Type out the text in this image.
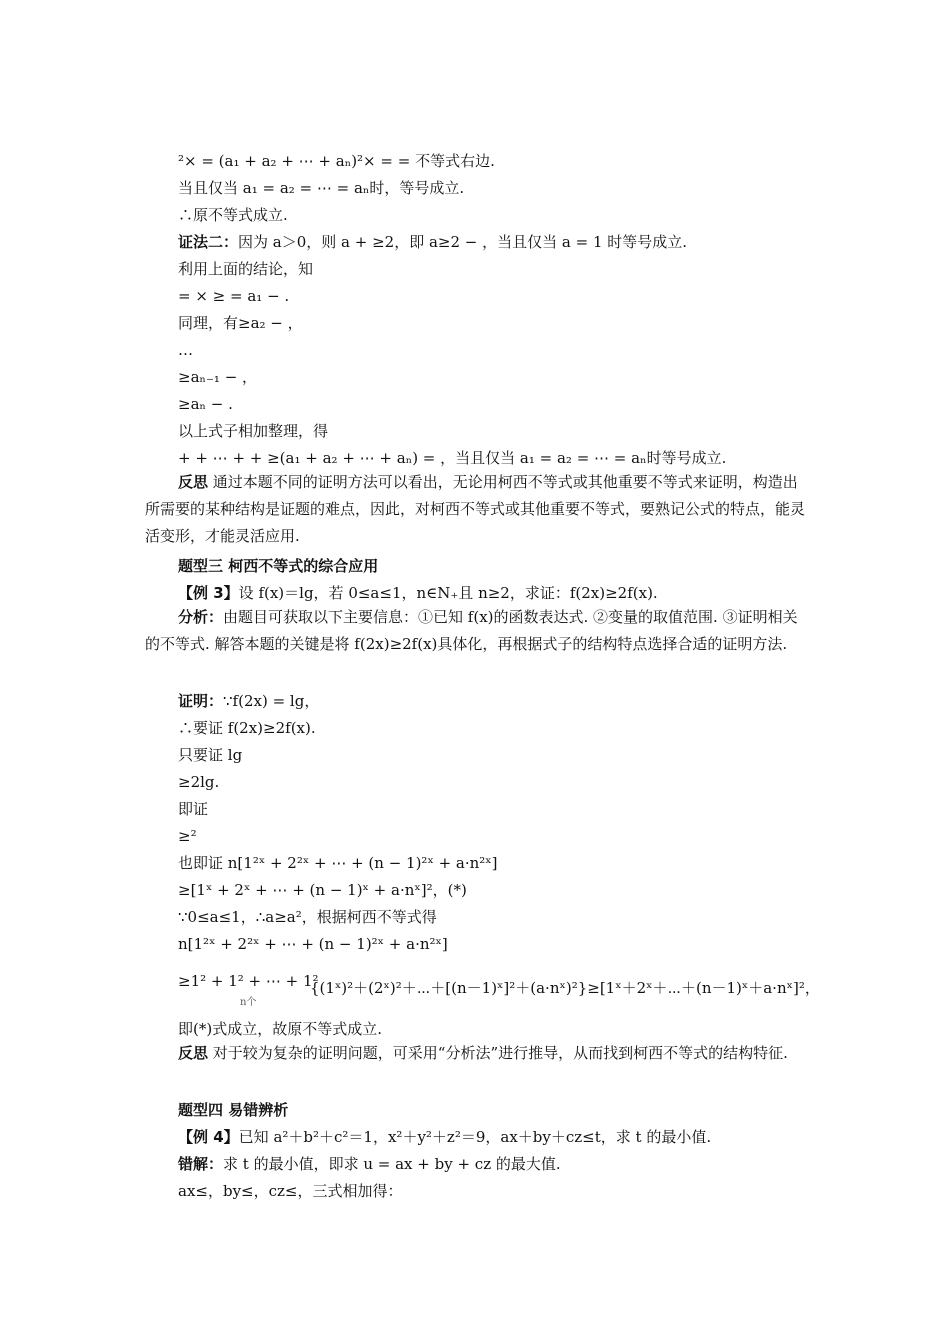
²× = (a₁ + a₂ + ⋯ + aₙ)²× = = 不等式右边.
当且仅当 a₁ = a₂ = ⋯ = aₙ时，等号成立.
∴原不等式成立.
证法二：因为 a＞0，则 a + ≥2，即 a≥2 − ，当且仅当 a = 1 时等号成立.
利用上面的结论，知
= × ≥ = a₁ − .
同理，有≥a₂ − ，
…
≥aₙ₋₁ − ，
≥aₙ − .
以上式子相加整理，得
+ + ⋯ + + ≥(a₁ + a₂ + ⋯ + aₙ) = ，当且仅当 a₁ = a₂ = ⋯ = aₙ时等号成立.
反思 通过本题不同的证明方法可以看出，无论用柯西不等式或其他重要不等式来证明，构造出所需要的某种结构是证题的难点，因此，对柯西不等式或其他重要不等式，要熟记公式的特点，能灵活变形，才能灵活应用.
题型三 柯西不等式的综合应用
【例 3】设 f(x)＝lg，若 0≤a≤1，n∈N₊且 n≥2，求证：f(2x)≥2f(x).
分析：由题目可获取以下主要信息：①已知 f(x)的函数表达式. ②变量的取值范围. ③证明相关的不等式. 解答本题的关键是将 f(2x)≥2f(x)具体化，再根据式子的结构特点选择合适的证明方法.
证明：∵f(2x) = lg，
∴要证 f(2x)≥2f(x).
只要证 lg
≥2lg.
即证
≥²
也即证 n[1²ˣ + 2²ˣ + ⋯ + (n − 1)²ˣ + a·n²ˣ]
≥[1ˣ + 2ˣ + ⋯ + (n − 1)ˣ + a·nˣ]²，(*)
∵0≤a≤1，∴a≥a²，根据柯西不等式得
n[1²ˣ + 2²ˣ + ⋯ + (n − 1)²ˣ + a·n²ˣ]
≥1² + 1² + ⋯ + 1²
n个
{(1ˣ)²＋(2ˣ)²＋⋯＋[(n－1)ˣ]²＋(a·nˣ)²}≥[1ˣ＋2ˣ＋⋯＋(n－1)ˣ＋a·nˣ]²，
即(*)式成立，故原不等式成立.
反思 对于较为复杂的证明问题，可采用“分析法”进行推导，从而找到柯西不等式的结构特征.
题型四 易错辨析
【例 4】已知 a²＋b²＋c²＝1，x²＋y²＋z²＝9，ax＋by＋cz≤t，求 t 的最小值.
错解：求 t 的最小值，即求 u = ax + by + cz 的最大值.
ax≤，by≤，cz≤，三式相加得：
